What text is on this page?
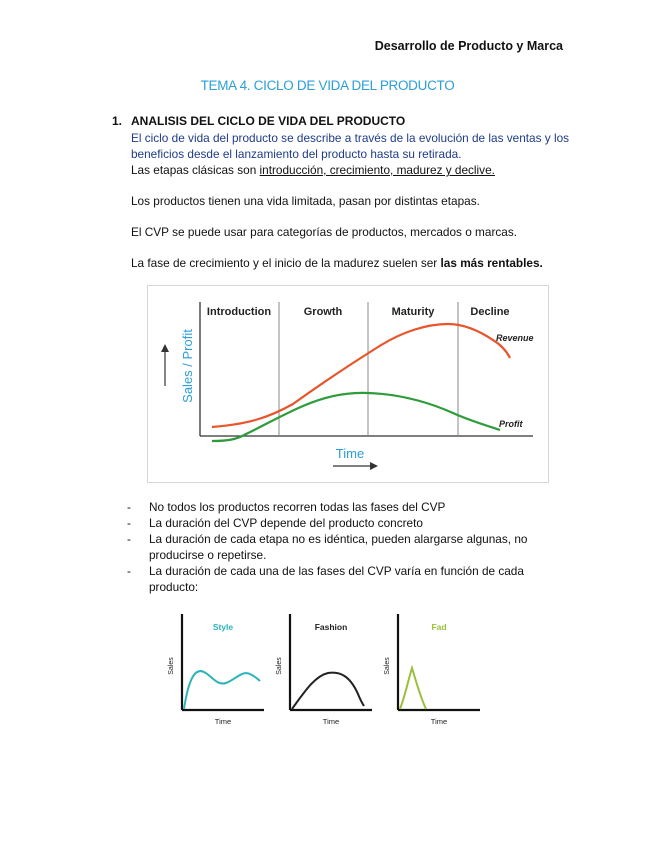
Desarrollo de Producto y Marca
TEMA 4. CICLO DE VIDA DEL PRODUCTO
1. ANALISIS DEL CICLO DE VIDA DEL PRODUCTO
El ciclo de vida del producto se describe a través de la evolución de las ventas y los
beneficios desde el lanzamiento del producto hasta su retirada.
Las etapas clásicas son introducción, crecimiento, madurez y declive.
Los productos tienen una vida limitada, pasan por distintas etapas.
El CVP se puede usar para categorías de productos, mercados o marcas.
La fase de crecimiento y el inicio de la madurez suelen ser las más rentables.
Introduction	Growth	Maturity	Decline
Revenue
Profit
Sales / Profit
Time
- No todos los productos recorren todas las fases del CVP
- La duración del CVP depende del producto concreto
- La duración de cada etapa no es idéntica, pueden alargarse algunas, no producirse o repetirse.
- La duración de cada una de las fases del CVP varía en función de cada producto:
Style
Sales
Time
Fashion
Sales
Time
Fad
Sales
Time
